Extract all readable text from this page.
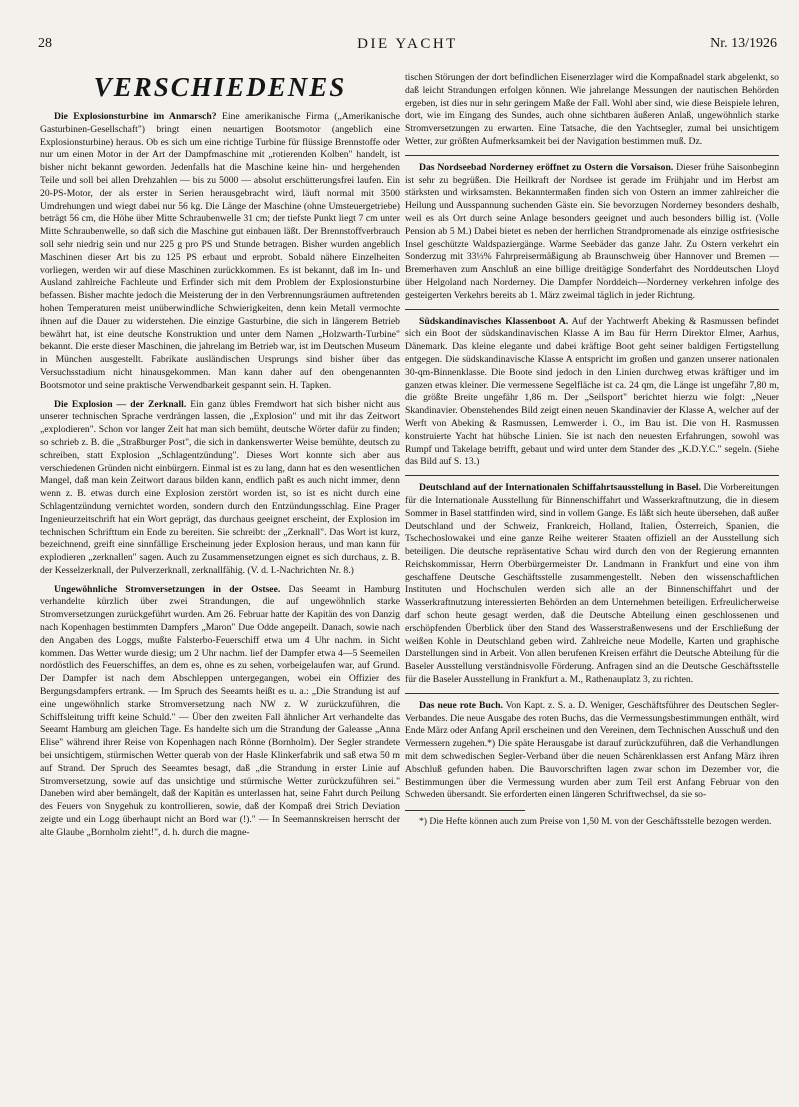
28	DIE YACHT	Nr. 13/1926
VERSCHIEDENES

Die Explosionsturbine im Anmarsch? Eine amerikanische Firma („Amerikanische Gasturbinen-Gesellschaft") bringt einen neuartigen Bootsmotor (angeblich eine Explosionsturbine) heraus. Ob es sich um eine richtige Turbine für flüssige Brennstoffe oder nur um einen Motor in der Art der Dampfmaschine mit „rotierenden Kolben" handelt, ist bisher nicht bekannt geworden. Jedenfalls hat die Maschine keine hin- und hergehenden Teile und soll bei allen Drehzahlen — bis zu 5000 — absolut erschütterungsfrei laufen. Ein 20-PS-Motor, der als erster in Serien herausgebracht wird, läuft normal mit 3500 Umdrehungen und wiegt dabei nur 56 kg. Die Länge der Maschine (ohne Umsteuergetriebe) beträgt 56 cm, die Höhe über Mitte Schraubenwelle 31 cm; der tiefste Punkt liegt 7 cm unter Mitte Schraubenwelle, so daß sich die Maschine gut einbauen läßt. Der Brennstoffverbrauch soll sehr niedrig sein und nur 225 g pro PS und Stunde betragen. Bisher wurden angeblich Maschinen dieser Art bis zu 125 PS erbaut und erprobt. Sobald nähere Einzelheiten vorliegen, werden wir auf diese Maschinen zurückkommen. Es ist bekannt, daß im In- und Ausland zahlreiche Fachleute und Erfinder sich mit dem Problem der Explosionsturbine befassen. Bisher machte jedoch die Meisterung der in den Verbrennungsräumen auftretenden hohen Temperaturen meist unüberwindliche Schwierigkeiten, denn kein Metall vermochte ihnen auf die Dauer zu widerstehen. Die einzige Gasturbine, die sich in längerem Betrieb bewährt hat, ist eine deutsche Konstruktion und unter dem Namen „Holzwarth-Turbine" bekannt. Die erste dieser Maschinen, die jahrelang im Betrieb war, ist im Deutschen Museum in München ausgestellt. Fabrikate ausländischen Ursprungs sind bisher über das Versuchsstadium nicht hinausgekommen. Man kann daher auf den obengenannten Bootsmotor und seine praktische Verwendbarkeit gespannt sein. H. Tapken.

Die Explosion — der Zerknall. Ein ganz übles Fremdwort hat sich bisher nicht aus unserer technischen Sprache verdrängen lassen, die „Explosion" und mit ihr das Zeitwort „explodieren". Schon vor langer Zeit hat man sich bemüht, deutsche Wörter dafür zu finden; so schrieb z. B. die „Straßburger Post", die sich in dankenswerter Weise bemühte, deutsch zu schreiben, statt Explosion „Schlagentzündung". Dieses Wort konnte sich aber aus verschiedenen Gründen nicht einbürgern. Einmal ist es zu lang, dann hat es den wesentlichen Mangel, daß man kein Zeitwort daraus bilden kann, endlich paßt es auch nicht immer, denn wenn z. B. etwas durch eine Explosion zerstört worden ist, so ist es nicht durch eine Schlagentzündung vernichtet worden, sondern durch den Entzündungsschlag. Eine Prager Ingenieurzeitschrift hat ein Wort geprägt, das durchaus geeignet erscheint, der Explosion im technischen Schrifttum ein Ende zu bereiten. Sie schreibt: der „Zerknall". Das Wort ist kurz, bezeichnend, greift eine sinnfällige Erscheinung jeder Explosion heraus, und man kann für explodieren „zerknallen" sagen. Auch zu Zusammensetzungen eignet es sich durchaus, z. B. der Kesselzerknall, der Pulverzerknall, zerknallfähig. (V. d. I.-Nachrichten Nr. 8.)

Ungewöhnliche Stromversetzungen in der Ostsee. Das Seeamt in Hamburg verhandelte kürzlich über zwei Strandungen, die auf ungewöhnlich starke Stromversetzungen zurückgeführt wurden. Am 26. Februar hatte der Kapitän des von Danzig nach Kopenhagen bestimmten Dampfers „Maron" Due Odde angepeilt. Danach, sowie nach den Angaben des Loggs, mußte Falsterbo-Feuerschiff etwa um 4 Uhr nachm. in Sicht kommen. Das Wetter wurde diesig; um 2 Uhr nachm. lief der Dampfer etwa 4—5 Seemeilen nordöstlich des Feuerschiffes, an dem es, ohne es zu sehen, vorbeigelaufen war, auf Grund. Der Dampfer ist nach dem Abschleppen untergegangen, wobei ein Offizier des Bergungsdampfers ertrank. — Im Spruch des Seeamts heißt es u. a.: „Die Strandung ist auf eine ungewöhnlich starke Stromversetzung nach NW z. W zurückzuführen, die Schiffsleitung trifft keine Schuld." — Über den zweiten Fall ähnlicher Art verhandelte das Seeamt Hamburg am gleichen Tage. Es handelte sich um die Strandung der Galeasse „Anna Elise" während ihrer Reise von Kopenhagen nach Rönne (Bornholm). Der Segler strandete bei unsichtigem, stürmischen Wetter querab von der Hasle Klinkerfabrik und saß etwa 50 m auf Strand. Der Spruch des Seeamtes besagt, daß „die Strandung in erster Linie auf Stromversetzung, sowie auf das unsichtige und stürmische Wetter zurückzuführen sei." Daneben wird aber bemängelt, daß der Kapitän es unterlassen hat, seine Fahrt durch Peilung des Feuers von Snygehuk zu kontrollieren, sowie, daß der Kompaß drei Strich Deviation zeigte und ein Logg überhaupt nicht an Bord war (!)." — In Seemannskreisen herrscht der alte Glaube „Bornholm zieht!", d. h. durch die magne-

tischen Störungen der dort befindlichen Eisenerzlager wird die Kompaßnadel stark abgelenkt, so daß leicht Strandungen erfolgen können. Wie jahrelange Messungen der nautischen Behörden ergeben, ist dies nur in sehr geringem Maße der Fall. Wohl aber sind, wie diese Beispiele lehren, dort, wie im Eingang des Sundes, auch ohne sichtbaren äußeren Anlaß, ungewöhnlich starke Stromversetzungen zu erwarten. Eine Tatsache, die den Yachtsegler, zumal bei unsichtigem Wetter, zur größten Aufmerksamkeit bei der Navigation bestimmen muß. Dz.

Das Nordseebad Norderney eröffnet zu Ostern die Vorsaison. Dieser frühe Saisonbeginn ist sehr zu begrüßen. Die Heilkraft der Nordsee ist gerade im Frühjahr und im Herbst am stärksten und wirksamsten. Bekanntermaßen finden sich von Ostern an immer zahlreicher die Heilung und Ausspannung suchenden Gäste ein. Sie bevorzugen Norderney besonders deshalb, weil es als Ort durch seine Anlage besonders geeignet und auch besonders billig ist. (Volle Pension ab 5 M.) Dabei bietet es neben der herrlichen Strandpromenade als einzige ostfriesische Insel geschützte Waldspaziergänge. Warme Seebäder das ganze Jahr. Zu Ostern verkehrt ein Sonderzug mit 33⅓% Fahrpreisermäßigung ab Braunschweig über Hannover und Bremen — Bremerhaven zum Anschluß an eine billige dreitägige Sonderfahrt des Norddeutschen Lloyd über Helgoland nach Norderney. Die Dampfer Norddeich—Norderney verkehren infolge des gesteigerten Verkehrs bereits ab 1. März zweimal täglich in jeder Richtung.

Südskandinavisches Klassenboot A. Auf der Yachtwerft Abeking & Rasmussen befindet sich ein Boot der südskandinavischen Klasse A im Bau für Herrn Direktor Elmer, Aarhus, Dänemark. Das kleine elegante und dabei kräftige Boot geht seiner baldigen Fertigstellung entgegen. Die südskandinavische Klasse A entspricht im großen und ganzen unserer nationalen 30-qm-Binnenklasse. Die Boote sind jedoch in den Linien durchweg etwas kräftiger und im ganzen etwas kleiner. Die vermessene Segelfläche ist ca. 24 qm, die Länge ist ungefähr 7,80 m, die größte Breite ungefähr 1,86 m. Der „Seilsport" berichtet hierzu wie folgt: „Neuer Skandinavier. Obenstehendes Bild zeigt einen neuen Skandinavier der Klasse A, welcher auf der Werft von Abeking & Rasmussen, Lemwerder i. O., im Bau ist. Die von H. Rasmussen konstruierte Yacht hat hübsche Linien. Sie ist nach den neuesten Erfahrungen, sowohl was Rumpf und Takelage betrifft, gebaut und wird unter dem Stander des „K.D.Y.C." segeln. (Siehe das Bild auf S. 13.)

Deutschland auf der Internationalen Schiffahrtsausstellung in Basel. Die Vorbereitungen für die Internationale Ausstellung für Binnenschiffahrt und Wasserkraftnutzung, die in diesem Sommer in Basel stattfinden wird, sind in vollem Gange. Es läßt sich heute übersehen, daß außer Deutschland und der Schweiz, Frankreich, Holland, Italien, Österreich, Spanien, die Tschechoslowakei und eine ganze Reihe weiterer Staaten offiziell an der Ausstellung sich beteiligen. Die deutsche repräsentative Schau wird durch den von der Regierung ernannten Reichskommissar, Herrn Oberbürgermeister Dr. Landmann in Frankfurt und eine von ihm geschaffene Deutsche Geschäftsstelle zusammengestellt. Neben den wissenschaftlichen Instituten und Hochschulen werden sich alle an der Binnenschiffahrt und der Wasserkraftnutzung interessierten Behörden an dem Unternehmen beteiligen. Erfreulicherweise darf schon heute gesagt werden, daß die Deutsche Abteilung einen geschlossenen und erschöpfenden Überblick über den Stand des Wasserstraßenwesens und der Erschließung der weißen Kohle in Deutschland geben wird. Zahlreiche neue Modelle, Karten und graphische Darstellungen sind in Arbeit. Von allen berufenen Kreisen erfährt die Deutsche Abteilung für die Baseler Ausstellung verständnisvolle Förderung. Anfragen sind an die Deutsche Geschäftsstelle für die Baseler Ausstellung in Frankfurt a. M., Rathenauplatz 3, zu richten.

Das neue rote Buch. Von Kapt. z. S. a. D. Weniger, Geschäftsführer des Deutschen Segler-Verbandes. Die neue Ausgabe des roten Buchs, das die Vermessungsbestimmungen enthält, wird Ende März oder Anfang April erscheinen und den Vereinen, dem Technischen Ausschuß und den Vermessern zugehen.*) Die späte Herausgabe ist darauf zurückzuführen, daß die Verhandlungen mit dem schwedischen Segler-Verband über die neuen Schärenklassen erst Anfang März ihren Abschluß gefunden haben. Die Bauvorschriften lagen zwar schon im Dezember vor, die Bestimmungen über die Vermessung wurden aber zum Teil erst Anfang Februar von den Schweden übersandt. Sie erforderten einen längeren Schriftwechsel, da sie so-

*) Die Hefte können auch zum Preise von 1,50 M. von der Geschäftsstelle bezogen werden.
